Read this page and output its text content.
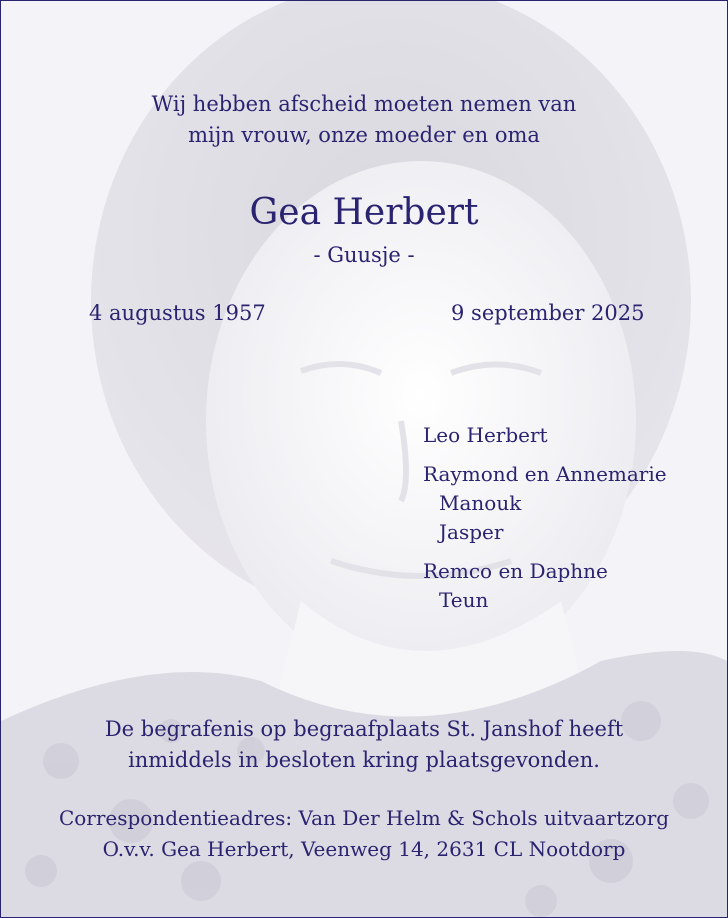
Wij hebben afscheid moeten nemen van
mijn vrouw, onze moeder en oma
Gea Herbert
- Guusje -
4 augustus 1957	9 september 2025
Leo Herbert
Raymond en Annemarie
Manouk
Jasper
Remco en Daphne
Teun
De begrafenis op begraafplaats St. Janshof heeft
inmiddels in besloten kring plaatsgevonden.
Correspondentieadres: Van Der Helm & Schols uitvaartzorg
O.v.v. Gea Herbert, Veenweg 14, 2631 CL Nootdorp
